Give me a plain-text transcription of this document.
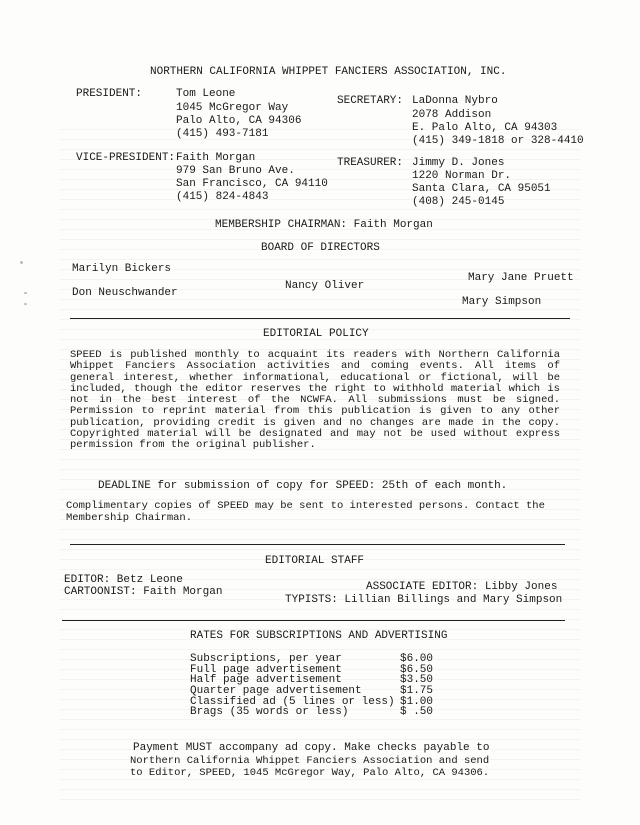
NORTHERN CALIFORNIA WHIPPET FANCIERS ASSOCIATION, INC.
PRESIDENT:	Tom Leone
1045 McGregor Way
Palo Alto, CA 94306
(415) 493-7181
SECRETARY: LaDonna Nybro
2078 Addison
E. Palo Alto, CA 94303
(415) 349-1818 or 328-4410
VICE-PRESIDENT: Faith Morgan
979 San Bruno Ave.
San Francisco, CA 94110
(415) 824-4843
TREASURER: Jimmy D. Jones
1220 Norman Dr.
Santa Clara, CA 95051
(408) 245-0145
MEMBERSHIP CHAIRMAN: Faith Morgan
BOARD OF DIRECTORS
Marilyn Bickers
Don Neuschwander
Nancy Oliver
Mary Jane Pruett
Mary Simpson
EDITORIAL POLICY
SPEED is published monthly to acquaint its readers with Northern California Whippet Fanciers Association activities and coming events. All items of general interest, whether informational, educational or fictional, will be included, though the editor reserves the right to withhold material which is not in the best interest of the NCWFA. All submissions must be signed. Permission to reprint material from this publication is given to any other publication, providing credit is given and no changes are made in the copy. Copyrighted material will be designated and may not be used without express permission from the original publisher.
DEADLINE for submission of copy for SPEED: 25th of each month.
Complimentary copies of SPEED may be sent to interested persons. Contact the Membership Chairman.
EDITORIAL STAFF
EDITOR: Betz Leone
ASSOCIATE EDITOR: Libby Jones
CARTOONIST: Faith Morgan
TYPISTS: Lillian Billings and Mary Simpson
RATES FOR SUBSCRIPTIONS AND ADVERTISING
Subscriptions, per year	$6.00
Full page advertisement	$6.50
Half page advertisement	$3.50
Quarter page advertisement	$1.75
Classified ad (5 lines or less) $1.00
Brags (35 words or less)	$ .50
Payment MUST accompany ad copy. Make checks payable to
Northern California Whippet Fanciers Association and send
to Editor, SPEED, 1045 McGregor Way, Palo Alto, CA 94306.
